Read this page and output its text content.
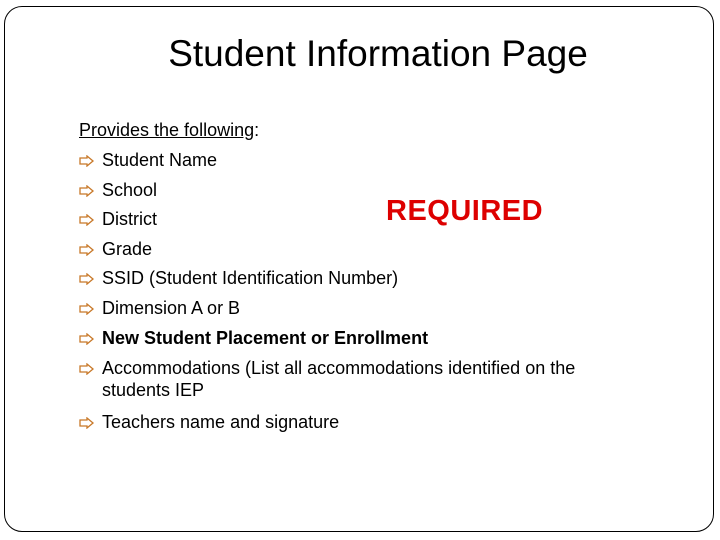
Student Information Page
Provides the following:
Student Name
School
District
Grade
SSID (Student Identification Number)
Dimension A or B
New Student Placement or Enrollment
Accommodations (List all accommodations identified on the
students IEP
Teachers name and signature
REQUIRED
